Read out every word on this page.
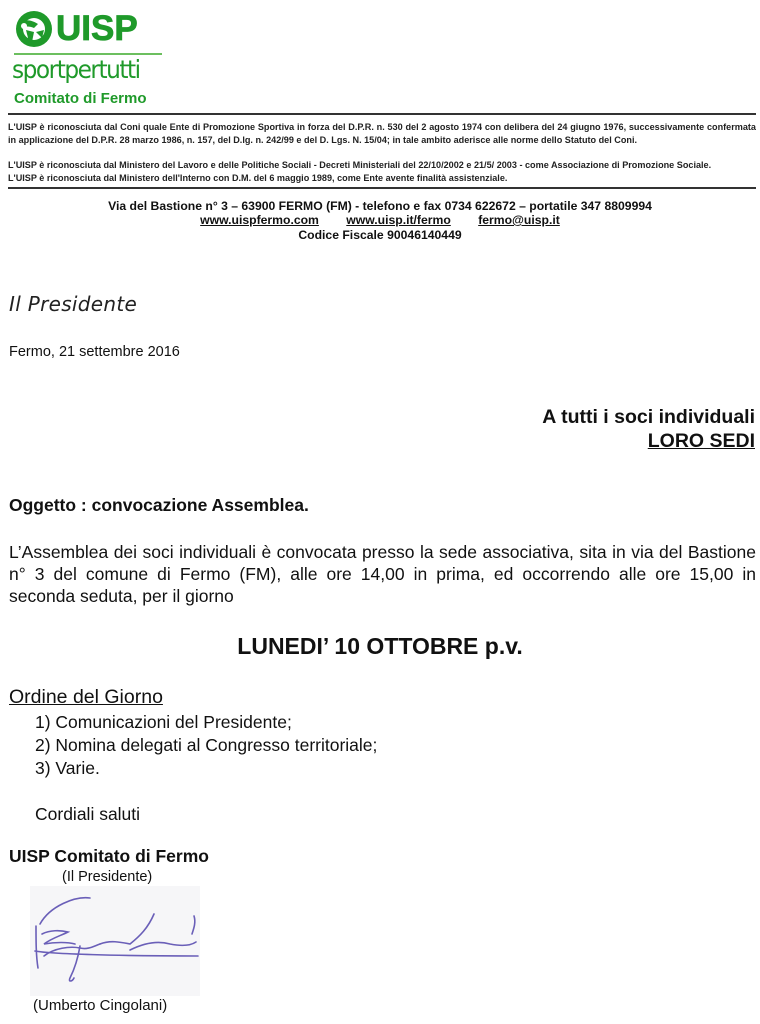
UISP
sportpertutti
Comitato di Fermo
L'UISP è riconosciuta dal Coni quale Ente di Promozione Sportiva in forza del D.P.R. n. 530 del 2 agosto 1974 con delibera del 24 giugno 1976, successivamente confermata in applicazione del D.P.R. 28 marzo 1986, n. 157, del D.lg. n. 242/99 e del D. Lgs. N. 15/04; in tale ambito aderisce alle norme dello Statuto del Coni.
L'UISP è riconosciuta dal Ministero del Lavoro e delle Politiche Sociali - Decreti Ministeriali del 22/10/2002 e 21/5/ 2003 - come Associazione di Promozione Sociale.
L'UISP è riconosciuta dal Ministero dell'Interno con D.M. del 6 maggio 1989, come Ente avente finalità assistenziale.
Via del Bastione n° 3 – 63900 FERMO (FM) - telefono e fax 0734 622672 – portatile 347 8809994
www.uispfermo.com www.uisp.it/fermo fermo@uisp.it
Codice Fiscale 90046140449
Il Presidente
Fermo, 21 settembre 2016
A tutti i soci individuali
LORO SEDI
Oggetto : convocazione Assemblea.
L’Assemblea dei soci individuali è convocata presso la sede associativa, sita in via del Bastione n° 3 del comune di Fermo (FM), alle ore 14,00 in prima, ed occorrendo alle ore 15,00 in seconda seduta, per il giorno
LUNEDI’ 10 OTTOBRE p.v.
Ordine del Giorno
1) Comunicazioni del Presidente;
2) Nomina delegati al Congresso territoriale;
3) Varie.
Cordiali saluti
UISP Comitato di Fermo
(Il Presidente)
(Umberto Cingolani)
